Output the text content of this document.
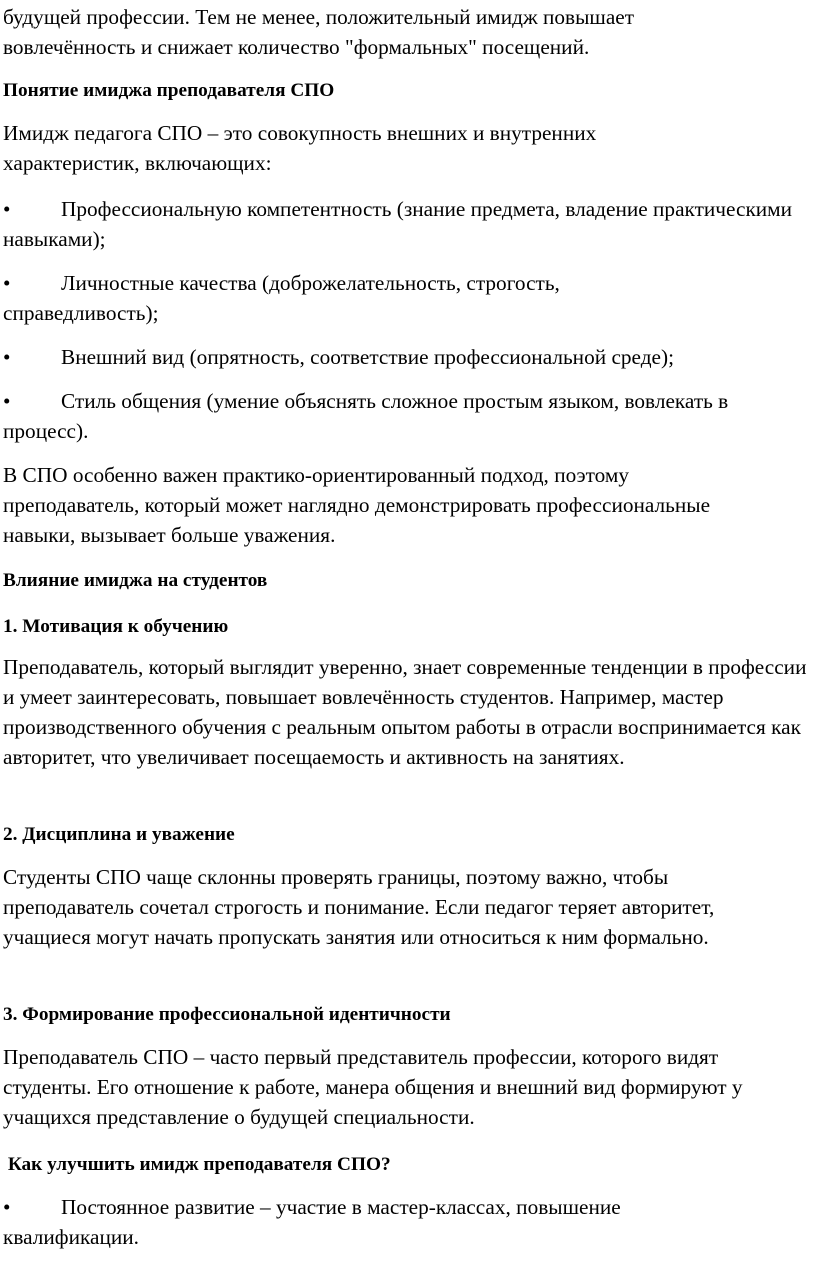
будущей профессии. Тем не менее, положительный имидж повышает
вовлечённость и снижает количество "формальных" посещений.

Понятие имиджа преподавателя СПО

Имидж педагога СПО – это совокупность внешних и внутренних характеристик, включающих:

• Профессиональную компетентность (знание предмета, владение практическими навыками);

• Личностные качества (доброжелательность, строгость, справедливость);

• Внешний вид (опрятность, соответствие профессиональной среде);

• Стиль общения (умение объяснять сложное простым языком, вовлекать в процесс).

В СПО особенно важен практико-ориентированный подход, поэтому преподаватель, который может наглядно демонстрировать профессиональные навыки, вызывает больше уважения.

Влияние имиджа на студентов

1. Мотивация к обучению

Преподаватель, который выглядит уверенно, знает современные тенденции в профессии и умеет заинтересовать, повышает вовлечённость студентов. Например, мастер производственного обучения с реальным опытом работы в отрасли воспринимается как авторитет, что увеличивает посещаемость и активность на занятиях.

2. Дисциплина и уважение

Студенты СПО чаще склонны проверять границы, поэтому важно, чтобы преподаватель сочетал строгость и понимание. Если педагог теряет авторитет, учащиеся могут начать пропускать занятия или относиться к ним формально.

3. Формирование профессиональной идентичности

Преподаватель СПО – часто первый представитель профессии, которого видят студенты. Его отношение к работе, манера общения и внешний вид формируют у учащихся представление о будущей специальности.

Как улучшить имидж преподавателя СПО?

• Постоянное развитие – участие в мастер-классах, повышение квалификации.
